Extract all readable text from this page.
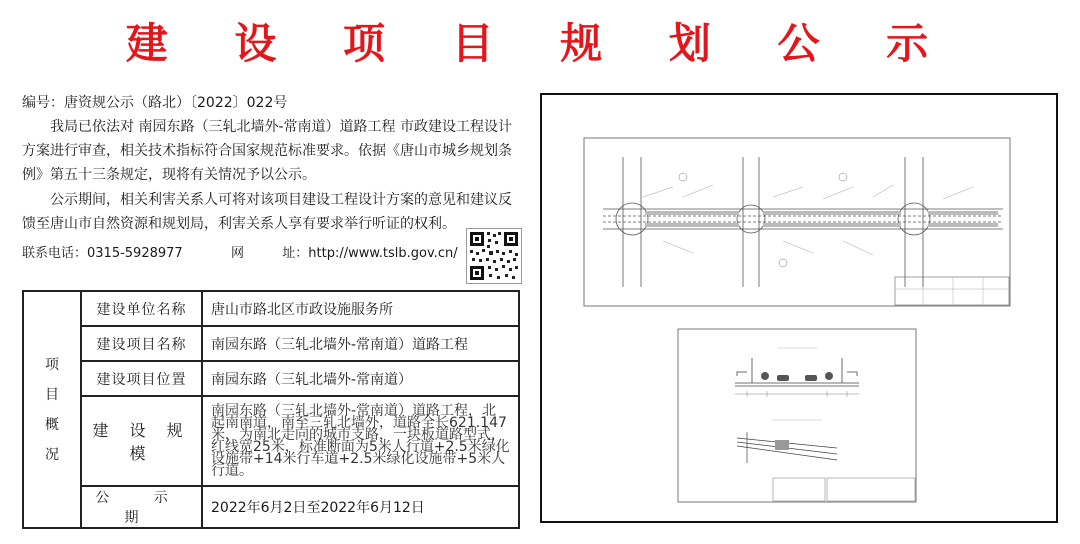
建 设 项 目 规 划 公 示
编号：唐资规公示（路北）〔2022〕022号

我局已依法对 南园东路（三轧北墙外-常南道）道路工程 市政建设工程设计方案进行审查，相关技术指标符合国家规范标准要求。依据《唐山市城乡规划条例》第五十三条规定，现将有关情况予以公示。

公示期间，相关利害关系人可将对该项目建设工程设计方案的意见和建议反馈至唐山市自然资源和规划局，利害关系人享有要求举行听证的权利。

联系电话：0315-5928977	网	址：http://www.tslb.gov.cn/
项
目
概
况	建设单位名称	唐山市路北区市政设施服务所
	建设项目名称	南园东路（三轧北墙外-常南道）道路工程
	建设项目位置	南园东路（三轧北墙外-常南道）
	建 设 规 模	南园东路（三轧北墙外-常南道）道路工程，北起南南道，南至三轧北墙外，道路全长621.147米，为南北走向的城市支路，一块板道路型式，红线宽25米，标准断面为5米人行道+2.5米绿化设施带+14米行车道+2.5米绿化设施带+5米人行道。
	公 示 期	2022年6月2日至2022年6月12日
